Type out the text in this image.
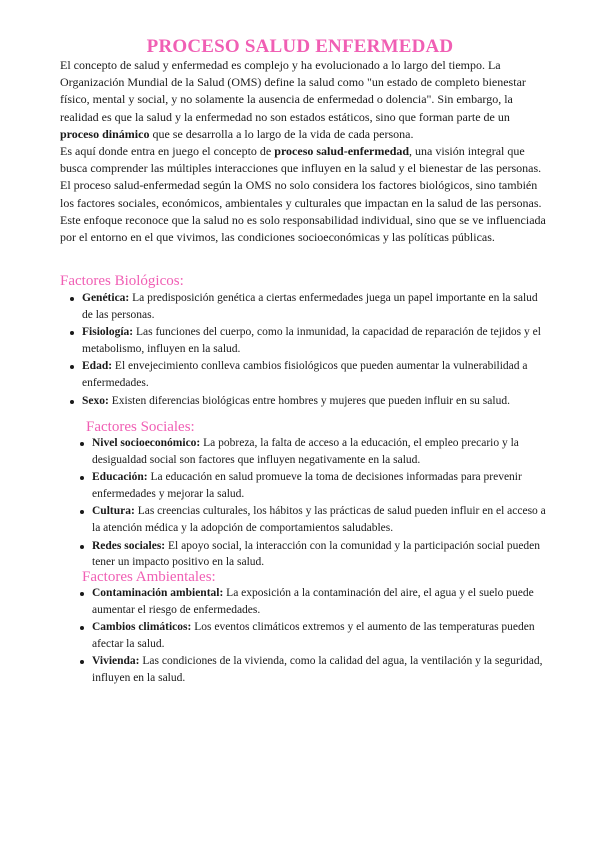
PROCESO SALUD ENFERMEDAD

El concepto de salud y enfermedad es complejo y ha evolucionado a lo largo del tiempo. La Organización Mundial de la Salud (OMS) define la salud como "un estado de completo bienestar físico, mental y social, y no solamente la ausencia de enfermedad o dolencia". Sin embargo, la realidad es que la salud y la enfermedad no son estados estáticos, sino que forman parte de un proceso dinámico que se desarrolla a lo largo de la vida de cada persona.

Es aquí donde entra en juego el concepto de proceso salud-enfermedad, una visión integral que busca comprender las múltiples interacciones que influyen en la salud y el bienestar de las personas.

El proceso salud-enfermedad según la OMS no solo considera los factores biológicos, sino también los factores sociales, económicos, ambientales y culturales que impactan en la salud de las personas. Este enfoque reconoce que la salud no es solo responsabilidad individual, sino que se ve influenciada por el entorno en el que vivimos, las condiciones socioeconómicas y las políticas públicas.

Factores Biológicos:
Genética: La predisposición genética a ciertas enfermedades juega un papel importante en la salud de las personas.
Fisiología: Las funciones del cuerpo, como la inmunidad, la capacidad de reparación de tejidos y el metabolismo, influyen en la salud.
Edad: El envejecimiento conlleva cambios fisiológicos que pueden aumentar la vulnerabilidad a enfermedades.
Sexo: Existen diferencias biológicas entre hombres y mujeres que pueden influir en su salud.
Factores Sociales:
Nivel socioeconómico: La pobreza, la falta de acceso a la educación, el empleo precario y la desigualdad social son factores que influyen negativamente en la salud.
Educación: La educación en salud promueve la toma de decisiones informadas para prevenir enfermedades y mejorar la salud.
Cultura: Las creencias culturales, los hábitos y las prácticas de salud pueden influir en el acceso a la atención médica y la adopción de comportamientos saludables.
Redes sociales: El apoyo social, la interacción con la comunidad y la participación social pueden tener un impacto positivo en la salud.
Factores Ambientales:
Contaminación ambiental: La exposición a la contaminación del aire, el agua y el suelo puede aumentar el riesgo de enfermedades.
Cambios climáticos: Los eventos climáticos extremos y el aumento de las temperaturas pueden afectar la salud.
Vivienda: Las condiciones de la vivienda, como la calidad del agua, la ventilación y la seguridad, influyen en la salud.
